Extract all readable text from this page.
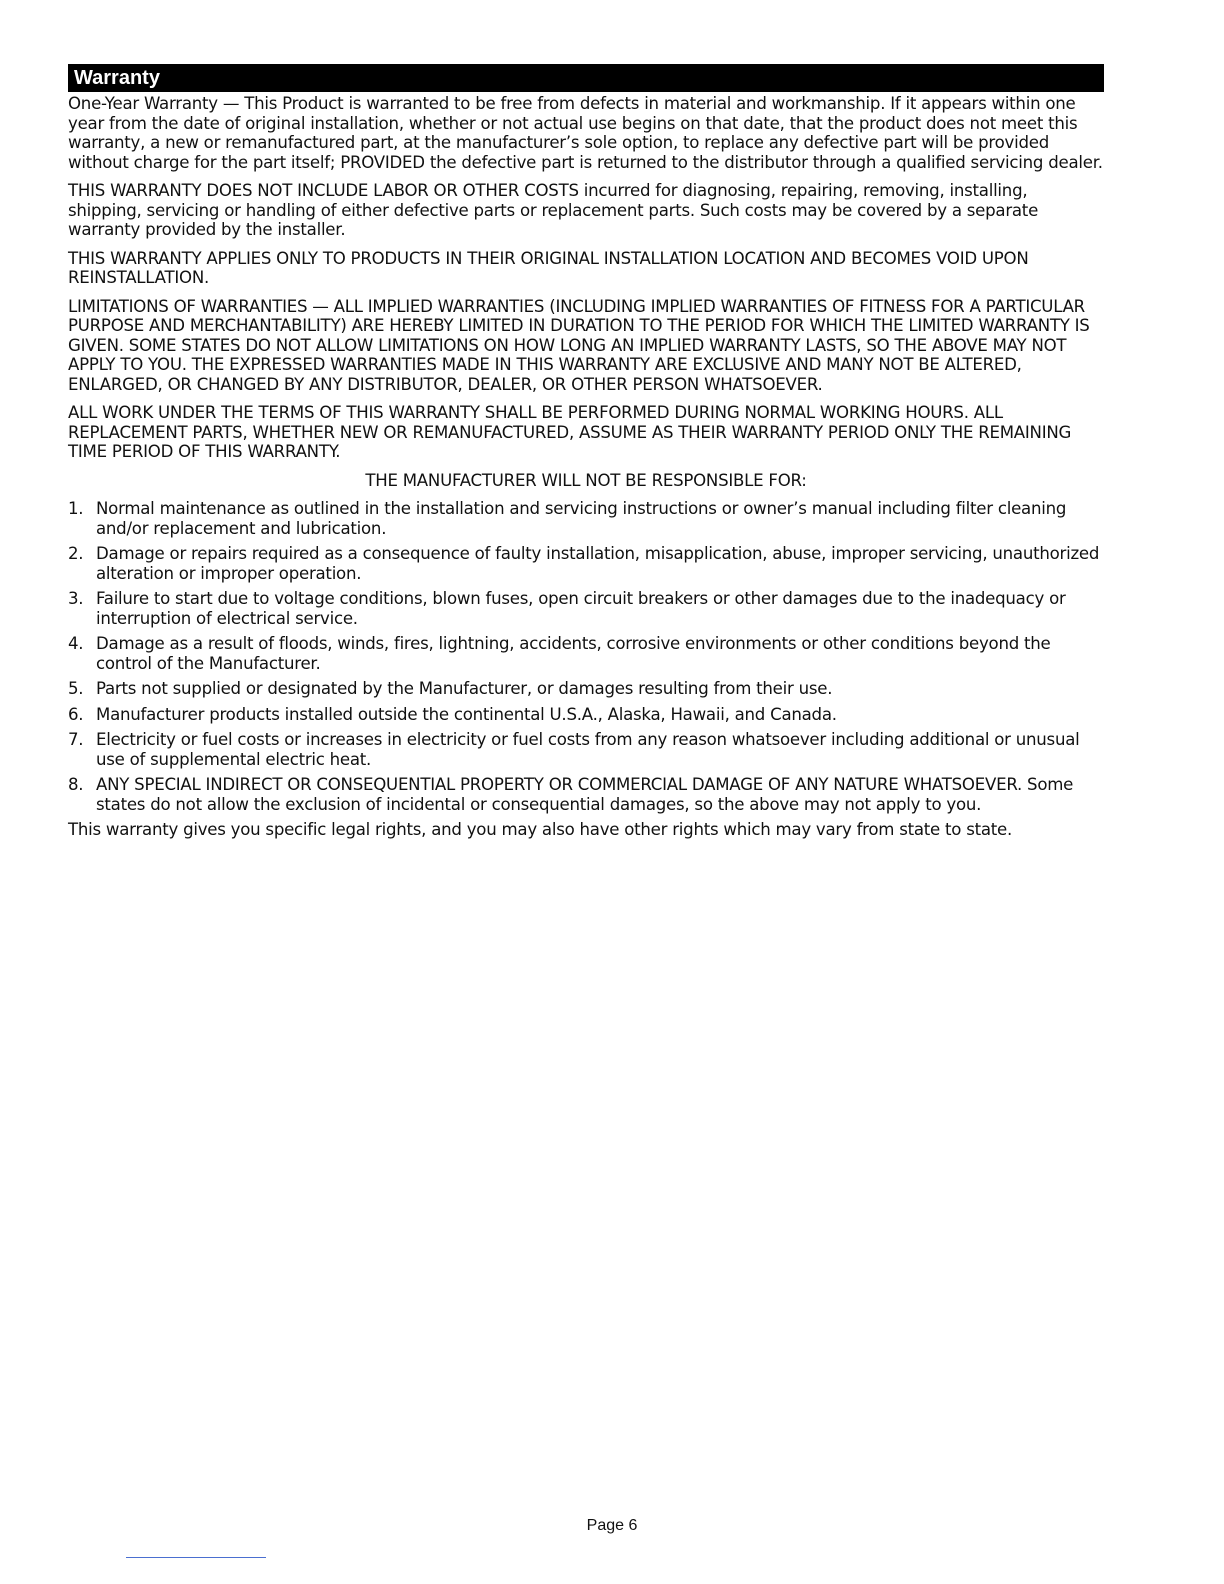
Warranty

One-Year Warranty — This Product is warranted to be free from defects in material and workmanship. If it appears within one year from the date of original installation, whether or not actual use begins on that date, that the product does not meet this warranty, a new or remanufactured part, at the manufacturer’s sole option, to replace any defective part will be provided without charge for the part itself; PROVIDED the defective part is returned to the distributor through a qualified servicing dealer.

THIS WARRANTY DOES NOT INCLUDE LABOR OR OTHER COSTS incurred for diagnosing, repairing, removing, installing, shipping, servicing or handling of either defective parts or replacement parts. Such costs may be covered by a separate warranty provided by the installer.

THIS WARRANTY APPLIES ONLY TO PRODUCTS IN THEIR ORIGINAL INSTALLATION LOCATION AND BECOMES VOID UPON REINSTALLATION.

LIMITATIONS OF WARRANTIES — ALL IMPLIED WARRANTIES (INCLUDING IMPLIED WARRANTIES OF FITNESS FOR A PARTICULAR PURPOSE AND MERCHANTABILITY) ARE HEREBY LIMITED IN DURATION TO THE PERIOD FOR WHICH THE LIMITED WARRANTY IS GIVEN. SOME STATES DO NOT ALLOW LIMITATIONS ON HOW LONG AN IMPLIED WARRANTY LASTS, SO THE ABOVE MAY NOT APPLY TO YOU. THE EXPRESSED WARRANTIES MADE IN THIS WARRANTY ARE EXCLUSIVE AND MANY NOT BE ALTERED, ENLARGED, OR CHANGED BY ANY DISTRIBUTOR, DEALER, OR OTHER PERSON WHATSOEVER.

ALL WORK UNDER THE TERMS OF THIS WARRANTY SHALL BE PERFORMED DURING NORMAL WORKING HOURS. ALL REPLACEMENT PARTS, WHETHER NEW OR REMANUFACTURED, ASSUME AS THEIR WARRANTY PERIOD ONLY THE REMAINING TIME PERIOD OF THIS WARRANTY.

THE MANUFACTURER WILL NOT BE RESPONSIBLE FOR:
1. Normal maintenance as outlined in the installation and servicing instructions or owner’s manual including filter cleaning and/or replacement and lubrication.
2. Damage or repairs required as a consequence of faulty installation, misapplication, abuse, improper servicing, unauthorized alteration or improper operation.
3. Failure to start due to voltage conditions, blown fuses, open circuit breakers or other damages due to the inadequacy or interruption of electrical service.
4. Damage as a result of floods, winds, fires, lightning, accidents, corrosive environments or other conditions beyond the control of the Manufacturer.
5. Parts not supplied or designated by the Manufacturer, or damages resulting from their use.
6. Manufacturer products installed outside the continental U.S.A., Alaska, Hawaii, and Canada.
7. Electricity or fuel costs or increases in electricity or fuel costs from any reason whatsoever including additional or unusual use of supplemental electric heat.
8. ANY SPECIAL INDIRECT OR CONSEQUENTIAL PROPERTY OR COMMERCIAL DAMAGE OF ANY NATURE WHATSOEVER. Some states do not allow the exclusion of incidental or consequential damages, so the above may not apply to you.

This warranty gives you specific legal rights, and you may also have other rights which may vary from state to state.

Page 6
